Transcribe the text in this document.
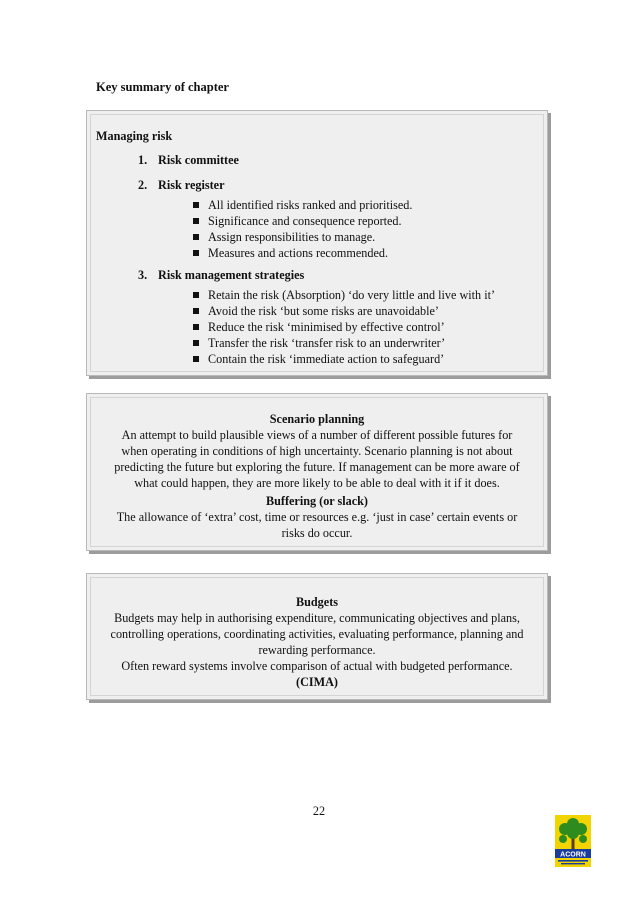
Key summary of chapter
Managing risk
1. Risk committee
2. Risk register
All identified risks ranked and prioritised.
Significance and consequence reported.
Assign responsibilities to manage.
Measures and actions recommended.
3. Risk management strategies
Retain the risk (Absorption) ‘do very little and live with it’
Avoid the risk ‘but some risks are unavoidable’
Reduce the risk ‘minimised by effective control’
Transfer the risk ‘transfer risk to an underwriter’
Contain the risk ‘immediate action to safeguard’
Scenario planning
An attempt to build plausible views of a number of different possible futures for
when operating in conditions of high uncertainty. Scenario planning is not about
predicting the future but exploring the future. If management can be more aware of
what could happen, they are more likely to be able to deal with it if it does.
Buffering (or slack)
The allowance of ‘extra’ cost, time or resources e.g. ‘just in case’ certain events or
risks do occur.
Budgets
Budgets may help in authorising expenditure, communicating objectives and plans,
controlling operations, coordinating activities, evaluating performance, planning and
rewarding performance.
Often reward systems involve comparison of actual with budgeted performance.
(CIMA)
22
ACORN
